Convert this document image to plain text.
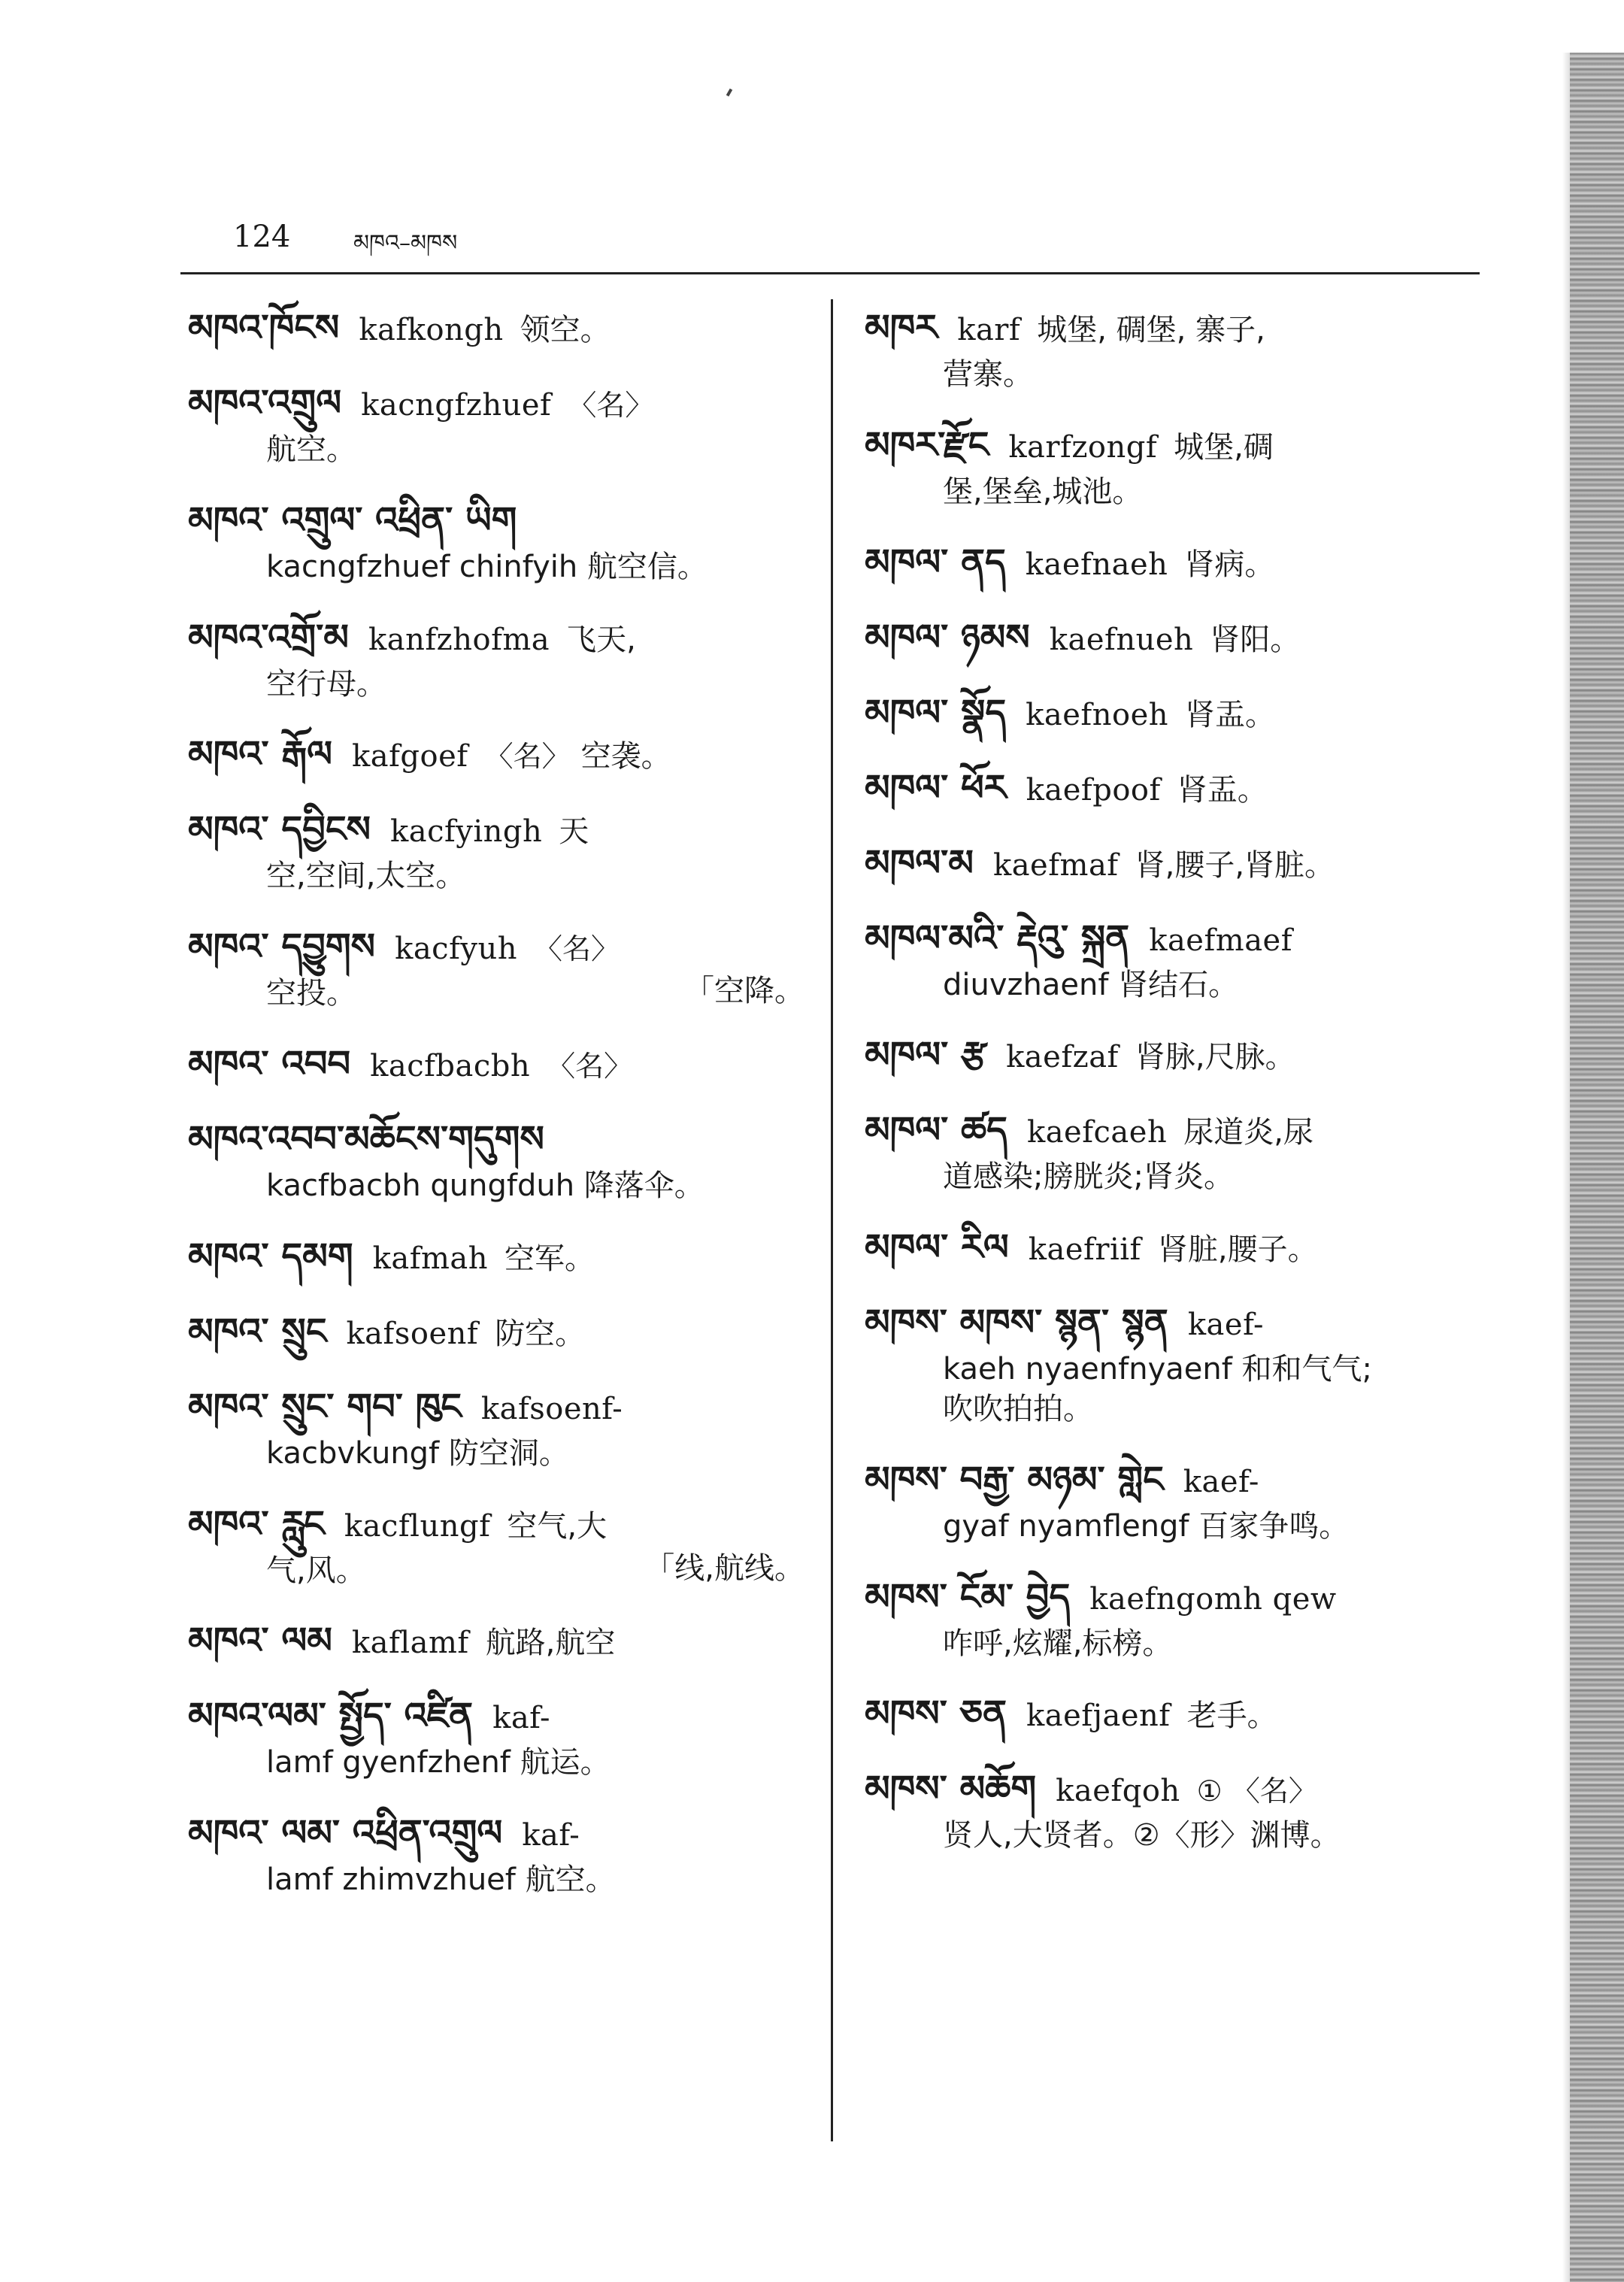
124	མཁའ–མཁས
མཁའ་ཁོངས kafkongh 领空。
མཁའ་འགྲུལ kacngfzhuef 〈名〉
航空。
མཁའ་ འགྲུལ་ འཕྲིན་ ཡིག
kacngfzhuef chinfyih 航空信。
མཁའ་འགྲོ་མ kanfzhofma 飞天,
空行母。
མཁའ་ རྒོལ kafgoef 〈名〉 空袭。
མཁའ་ དབྱིངས kacfyingh 天
空,空间,太空。
མཁའ་ དབྱུགས kacfyuh 〈名〉
空投。	「空降。
མཁའ་ འབབ kacfbacbh 〈名〉
མཁའ་འབབ་མཆོངས་གདུགས
kacfbacbh qungfduh 降落伞。
མཁའ་ དམག kafmah 空军。
མཁའ་ སྲུང kafsoenf 防空。
མཁའ་ སྲུང་ གབ་ ཁུང kafsoenf-
kacbvkungf 防空洞。
མཁའ་ རླུང kacflungf 空气,大
气,风。	「线,航线。
མཁའ་ ལམ kaflamf 航路,航空
མཁའ་ལམ་ སྤྱོད་ འཛིན kaf-
lamf gyenfzhenf 航运。
མཁའ་ ལམ་ འཕྲིན་འགྲུལ kaf-
lamf zhimvzhuef 航空。
མཁར karf 城堡, 碉堡, 寨子,
营寨。
མཁར་རྫོང karfzongf 城堡,碉
堡,堡垒,城池。
མཁལ་ ནད kaefnaeh 肾病。
མཁལ་ ཉམས kaefnueh 肾阳。
མཁལ་ སྣོད kaefnoeh 肾盂。
མཁལ་ ཕོར kaefpoof 肾盂。
མཁལ་མ kaefmaf 肾,腰子,肾脏。
མཁལ་མའི་ རྡེའུ་ སྐྲན kaefmaef
diuvzhaenf 肾结石。
མཁལ་ རྩ kaefzaf 肾脉,尺脉。
མཁལ་ ཚད kaefcaeh 尿道炎,尿
道感染;膀胱炎;肾炎。
མཁལ་ རིལ kaefriif 肾脏,腰子。
མཁས་ མཁས་ སྙན་ སྙན kaef-
kaeh nyaenfnyaenf 和和气气;
吹吹拍拍。
མཁས་ བརྒྱ་ མཉམ་ གླེང kaef-
gyaf nyamflengf 百家争鸣。
མཁས་ ངོམ་ བྱེད kaefngomh qew
咋呼,炫耀,标榜。
མཁས་ ཅན kaefjaenf 老手。
མཁས་ མཆོག kaefqoh ① 〈名〉
贤人,大贤者。②〈形〉渊博。
